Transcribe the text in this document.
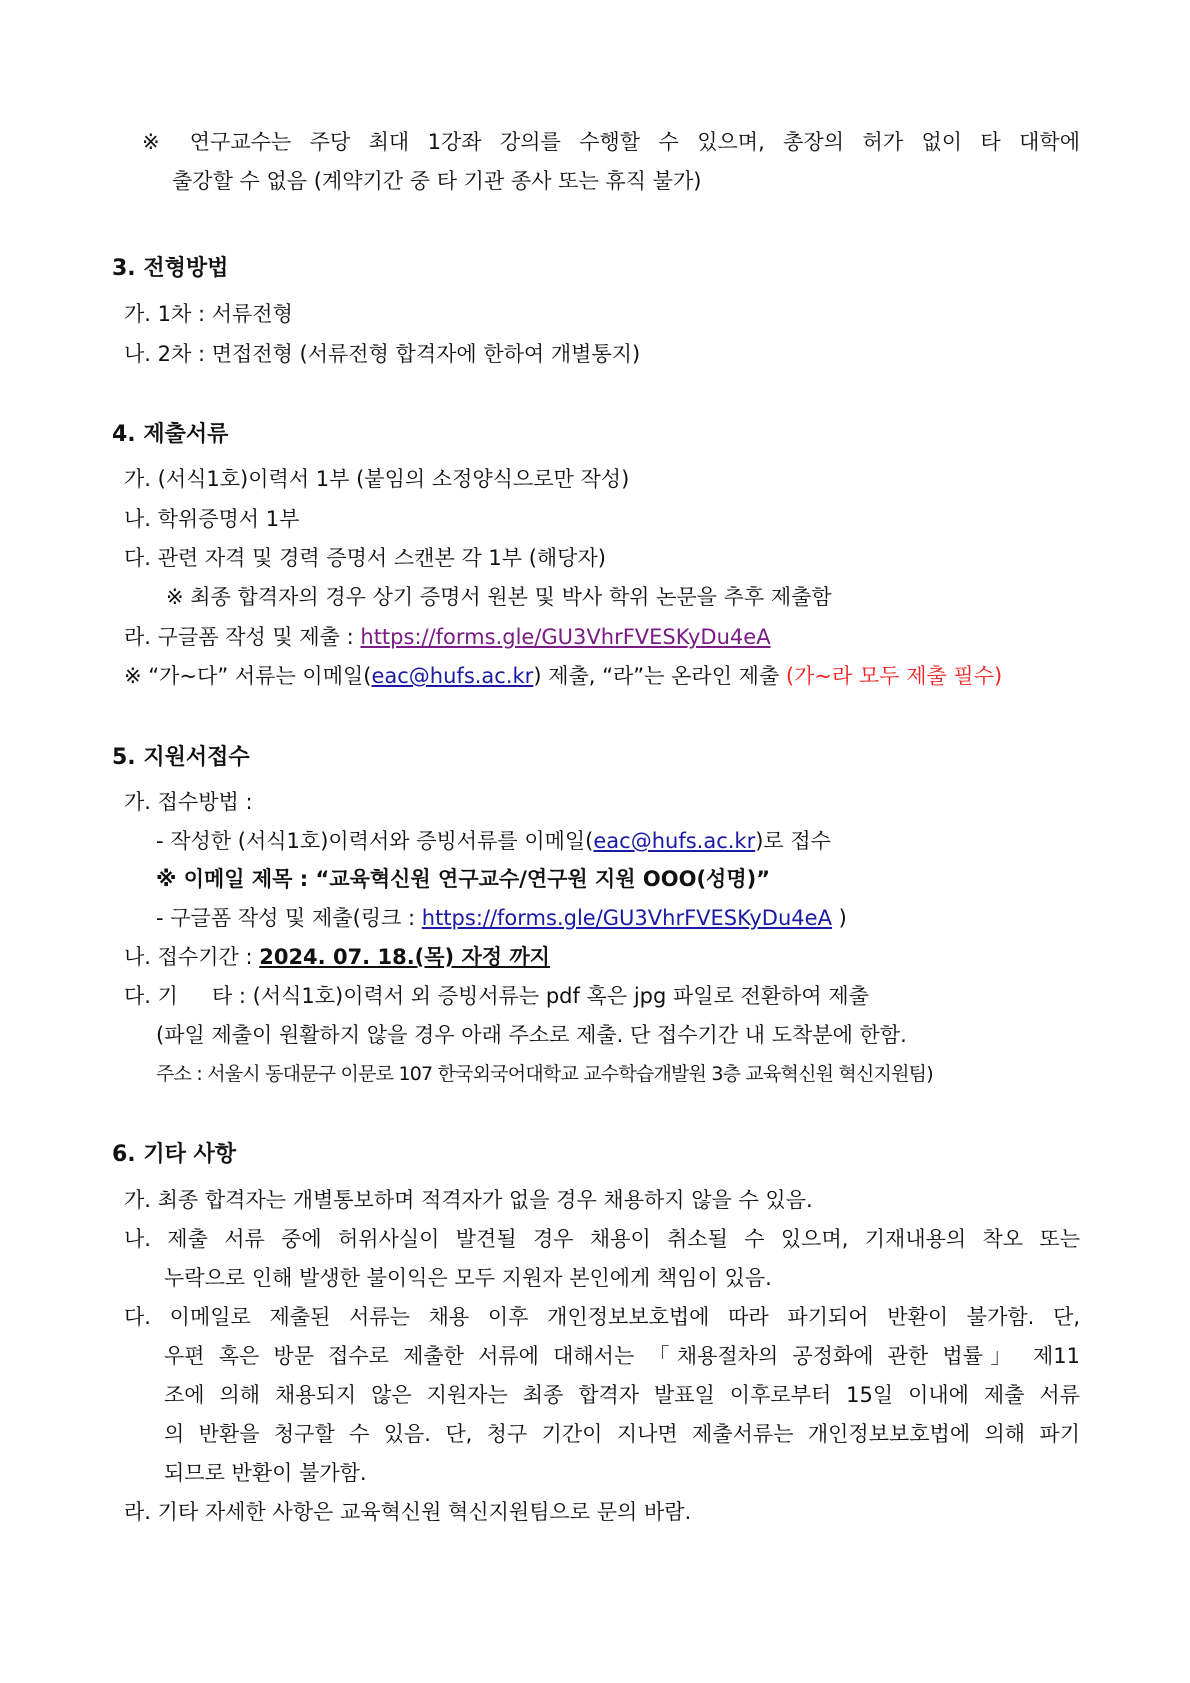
※ 연구교수는 주당 최대 1강좌 강의를 수행할 수 있으며, 총장의 허가 없이 타 대학에
출강할 수 없음 (계약기간 중 타 기관 종사 또는 휴직 불가)
3. 전형방법
가. 1차 : 서류전형
나. 2차 : 면접전형 (서류전형 합격자에 한하여 개별통지)
4. 제출서류
가. (서식1호)이력서 1부 (붙임의 소정양식으로만 작성)
나. 학위증명서 1부
다. 관련 자격 및 경력 증명서 스캔본 각 1부 (해당자)
※ 최종 합격자의 경우 상기 증명서 원본 및 박사 학위 논문을 추후 제출함
라. 구글폼 작성 및 제출 : https://forms.gle/GU3VhrFVESKyDu4eA
※ “가~다” 서류는 이메일(eac@hufs.ac.kr) 제출, “라”는 온라인 제출 (가~라 모두 제출 필수)
5. 지원서접수
가. 접수방법 :
- 작성한 (서식1호)이력서와 증빙서류를 이메일(eac@hufs.ac.kr)로 접수
※ 이메일 제목 : “교육혁신원 연구교수/연구원 지원 OOO(성명)”
- 구글폼 작성 및 제출(링크 : https://forms.gle/GU3VhrFVESKyDu4eA )
나. 접수기간 : 2024. 07. 18.(목) 자정 까지
다. 기 타 : (서식1호)이력서 외 증빙서류는 pdf 혹은 jpg 파일로 전환하여 제출
(파일 제출이 원활하지 않을 경우 아래 주소로 제출. 단 접수기간 내 도착분에 한함.
주소 : 서울시 동대문구 이문로 107 한국외국어대학교 교수학습개발원 3층 교육혁신원 혁신지원팀)
6. 기타 사항
가. 최종 합격자는 개별통보하며 적격자가 없을 경우 채용하지 않을 수 있음.
나. 제출 서류 중에 허위사실이 발견될 경우 채용이 취소될 수 있으며, 기재내용의 착오 또는
누락으로 인해 발생한 불이익은 모두 지원자 본인에게 책임이 있음.
다. 이메일로 제출된 서류는 채용 이후 개인정보보호법에 따라 파기되어 반환이 불가함. 단,
우편 혹은 방문 접수로 제출한 서류에 대해서는 「채용절차의 공정화에 관한 법률」 제11
조에 의해 채용되지 않은 지원자는 최종 합격자 발표일 이후로부터 15일 이내에 제출 서류
의 반환을 청구할 수 있음. 단, 청구 기간이 지나면 제출서류는 개인정보보호법에 의해 파기
되므로 반환이 불가함.
라. 기타 자세한 사항은 교육혁신원 혁신지원팀으로 문의 바람.
